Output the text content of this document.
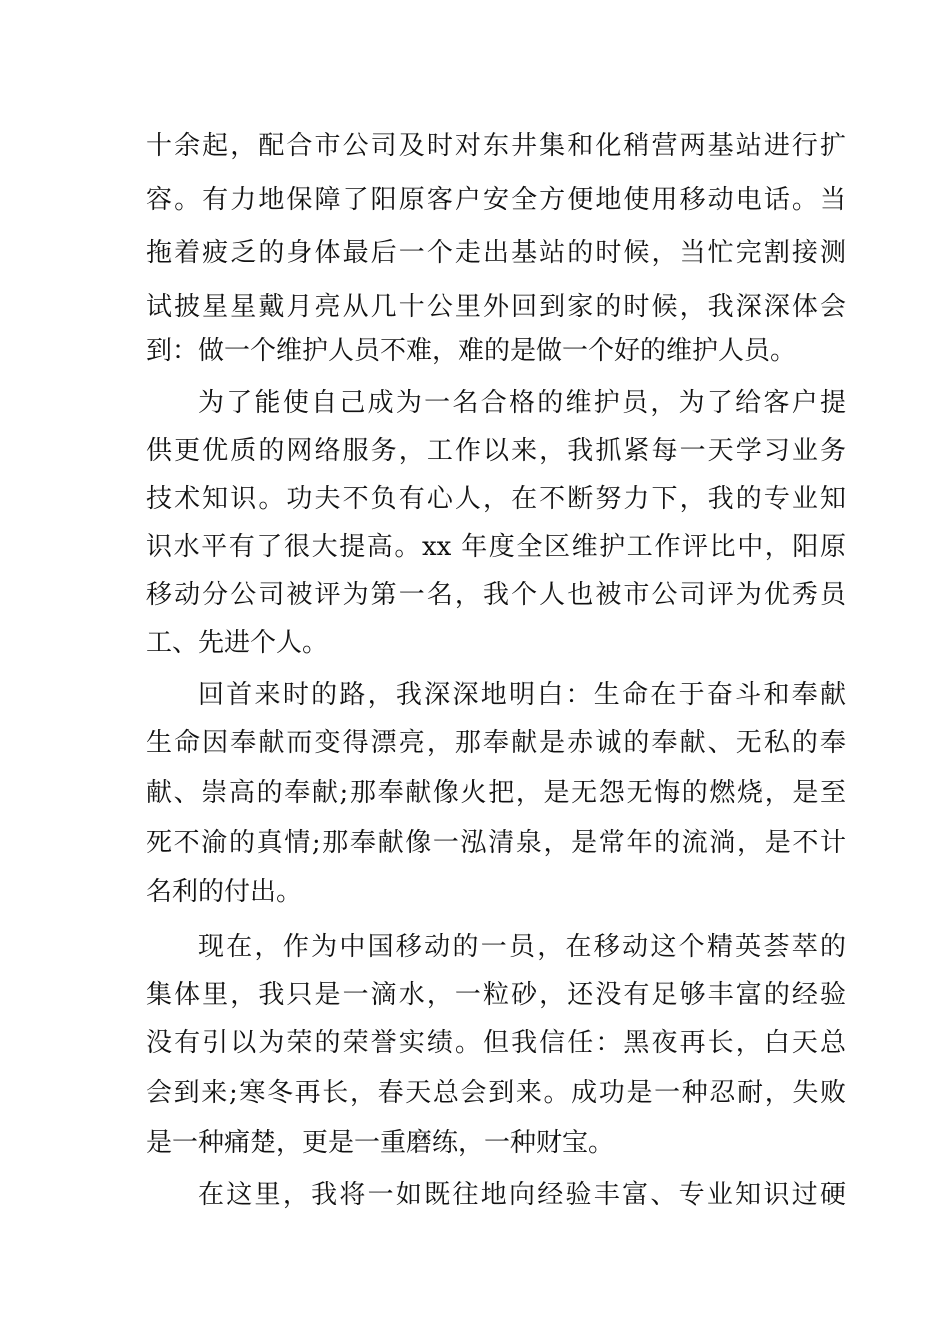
十余起，配合市公司及时对东井集和化稍营两基站进行扩
容。有力地保障了阳原客户安全方便地使用移动电话。当
拖着疲乏的身体最后一个走出基站的时候，当忙完割接测
试披星星戴月亮从几十公里外回到家的时候，我深深体会
到：做一个维护人员不难，难的是做一个好的维护人员。
为了能使自己成为一名合格的维护员，为了给客户提
供更优质的网络服务，工作以来，我抓紧每一天学习业务
技术知识。功夫不负有心人，在不断努力下，我的专业知
识水平有了很大提高。xx 年度全区维护工作评比中，阳原
移动分公司被评为第一名，我个人也被市公司评为优秀员
工、先进个人。
回首来时的路，我深深地明白：生命在于奋斗和奉献
生命因奉献而变得漂亮，那奉献是赤诚的奉献、无私的奉
献、崇高的奉献;那奉献像火把，是无怨无悔的燃烧，是至
死不渝的真情;那奉献像一泓清泉，是常年的流淌，是不计
名利的付出。
现在，作为中国移动的一员，在移动这个精英荟萃的
集体里，我只是一滴水，一粒砂，还没有足够丰富的经验
没有引以为荣的荣誉实绩。但我信任：黑夜再长，白天总
会到来;寒冬再长，春天总会到来。成功是一种忍耐，失败
是一种痛楚，更是一重磨练，一种财宝。
在这里，我将一如既往地向经验丰富、专业知识过硬
